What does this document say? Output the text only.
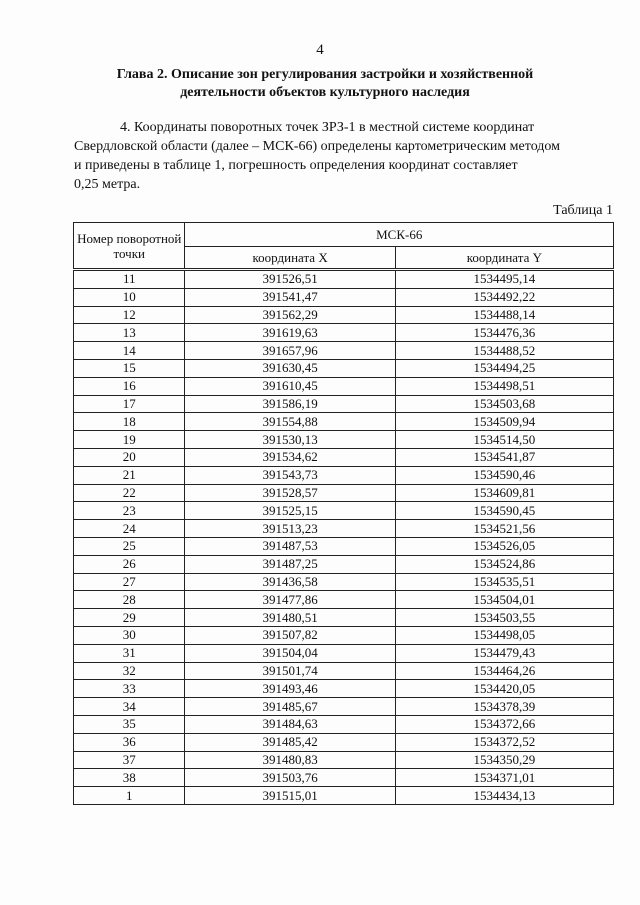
4
Глава 2. Описание зон регулирования застройки и хозяйственной
деятельности объектов культурного наследия
4. Координаты поворотных точек ЗРЗ-1 в местной системе координат
Свердловской области (далее – МСК-66) определены картометрическим методом
и приведены в таблице 1, погрешность определения координат составляет
0,25 метра.
Таблица 1
Номер поворотной точки	МСК-66	
	координата X	координата Y
11	391526,51	1534495,14
10	391541,47	1534492,22
12	391562,29	1534488,14
13	391619,63	1534476,36
14	391657,96	1534488,52
15	391630,45	1534494,25
16	391610,45	1534498,51
17	391586,19	1534503,68
18	391554,88	1534509,94
19	391530,13	1534514,50
20	391534,62	1534541,87
21	391543,73	1534590,46
22	391528,57	1534609,81
23	391525,15	1534590,45
24	391513,23	1534521,56
25	391487,53	1534526,05
26	391487,25	1534524,86
27	391436,58	1534535,51
28	391477,86	1534504,01
29	391480,51	1534503,55
30	391507,82	1534498,05
31	391504,04	1534479,43
32	391501,74	1534464,26
33	391493,46	1534420,05
34	391485,67	1534378,39
35	391484,63	1534372,66
36	391485,42	1534372,52
37	391480,83	1534350,29
38	391503,76	1534371,01
1	391515,01	1534434,13
